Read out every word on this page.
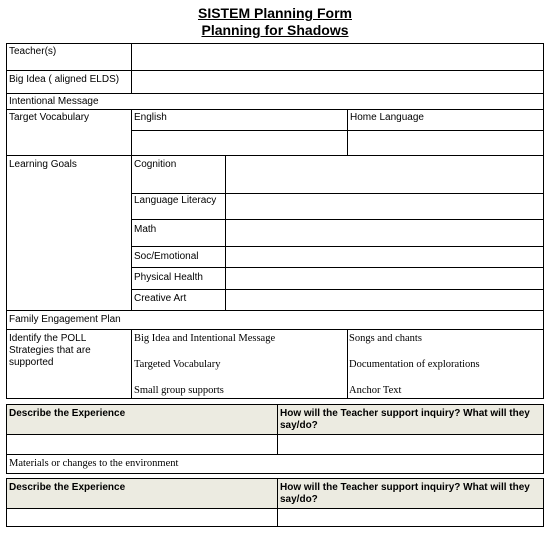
SISTEM Planning Form
Planning for Shadows
Teacher(s)
Big Idea ( aligned ELDS)
Intentional Message
Target Vocabulary	English	Home Language
Learning Goals	Cognition
Language Literacy
Math
Soc/Emotional
Physical Health
Creative Art
Family Engagement Plan
Identify the POLL Strategies that are supported
Big Idea and Intentional Message	Songs and chants
Targeted Vocabulary	Documentation of explorations
Small group supports	Anchor Text
Describe the Experience	How will the Teacher support inquiry? What will they say/do?
Materials or changes to the environment
Describe the Experience	How will the Teacher support inquiry? What will they say/do?
